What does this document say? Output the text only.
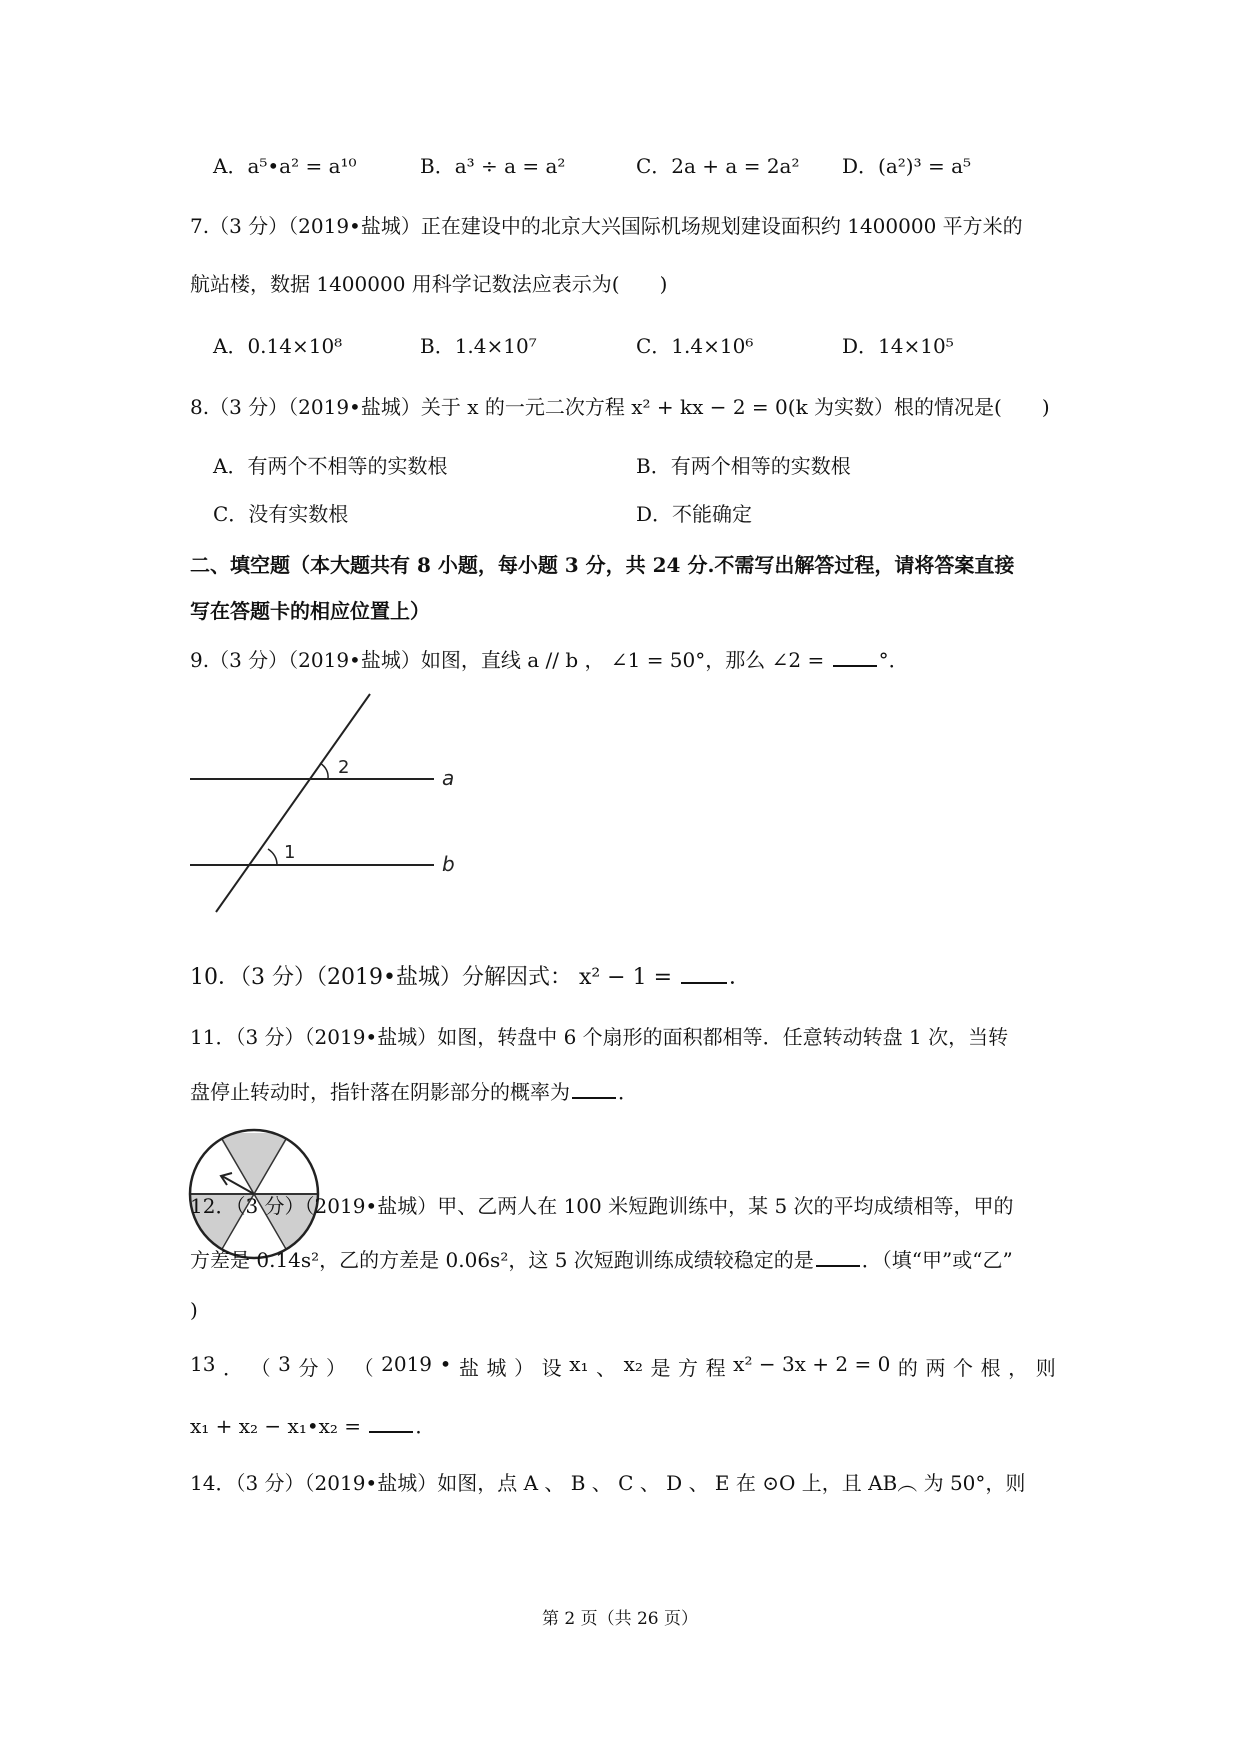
A．a⁵•a² = a¹⁰	B．a³ ÷ a = a²	C．2a + a = 2a² D．(a²)³ = a⁵
7.（3 分）（2019•盐城）正在建设中的北京大兴国际机场规划建设面积约 1400000 平方米的
航站楼，数据 1400000 用科学记数法应表示为(　　)
A．0.14×10⁸	B．1.4×10⁷	C．1.4×10⁶	D．14×10⁵
8.（3 分）（2019•盐城）关于 x 的一元二次方程 x² + kx − 2 = 0(k 为实数）根的情况是(　　)
A．有两个不相等的实数根	B．有两个相等的实数根
C．没有实数根	D．不能确定
二、填空题（本大题共有 8 小题，每小题 3 分，共 24 分.不需写出解答过程，请将答案直接
写在答题卡的相应位置上）
9.（3 分）（2019•盐城）如图，直线 a // b ， ∠1 = 50°，那么 ∠2 = °．
2
1
a
b
10．（3 分）（2019•盐城）分解因式： x² − 1 = ．
11．（3 分）（2019•盐城）如图，转盘中 6 个扇形的面积都相等．任意转动转盘 1 次，当转
盘停止转动时，指针落在阴影部分的概率为 ．
12．（3 分）（2019•盐城）甲、乙两人在 100 米短跑训练中，某 5 次的平均成绩相等，甲的
方差是 0.14s²，乙的方差是 0.06s²，这 5 次短跑训练成绩较稳定的是 ．（填“甲”或“乙”
)
13 ． （ 3 分 ） （ 2019 • 盐 城 ） 设 x₁ 、 x₂ 是 方 程 x² − 3x + 2 = 0 的 两 个 根 ， 则
x₁ + x₂ − x₁•x₂ = ．
14．（3 分）（2019•盐城）如图，点 A 、 B 、 C 、 D 、 E 在 ⊙O 上，且 AB︵ 为 50°，则
第 2 页（共 26 页）
